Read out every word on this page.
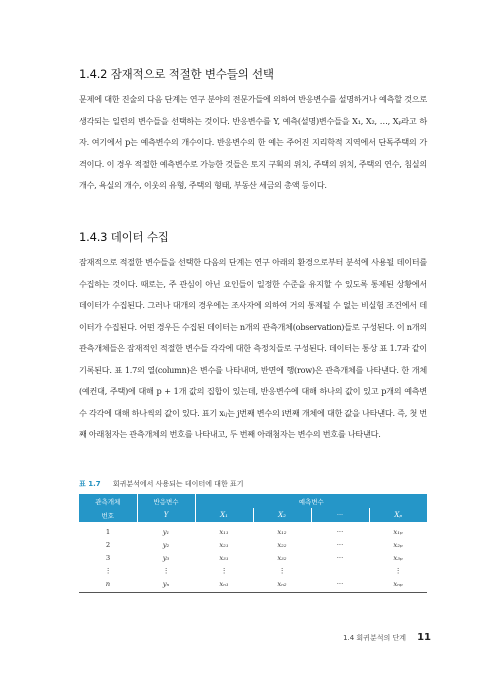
1.4.2 잠재적으로 적절한 변수들의 선택

문제에 대한 진술의 다음 단계는 연구 분야의 전문가들에 의하여 반응변수를 설명하거나 예측할 것으로 생각되는 일련의 변수들을 선택하는 것이다. 반응변수를 Y, 예측(설명)변수들을 X₁, X₂, …, Xₚ라고 하자. 여기에서 p는 예측변수의 개수이다. 반응변수의 한 예는 주어진 지리학적 지역에서 단독주택의 가격이다. 이 경우 적절한 예측변수로 가능한 것들은 토지 구획의 위치, 주택의 위치, 주택의 연수, 침실의 개수, 욕실의 개수, 이웃의 유형, 주택의 형태, 부동산 세금의 총액 등이다.

1.4.3 데이터 수집

잠재적으로 적절한 변수들을 선택한 다음의 단계는 연구 아래의 환경으로부터 분석에 사용될 데이터를 수집하는 것이다. 때로는, 주 관심이 아닌 요인들이 일정한 수준을 유지할 수 있도록 통제된 상황에서 데이터가 수집된다. 그러나 대개의 경우에는 조사자에 의하여 거의 통제될 수 없는 비실험 조건에서 데이터가 수집된다. 어떤 경우든 수집된 데이터는 n개의 관측개체(observation)들로 구성된다. 이 n개의 관측개체들은 잠재적인 적절한 변수들 각각에 대한 측정치들로 구성된다. 데이터는 통상 표 1.7과 같이 기록된다. 표 1.7의 열(column)은 변수를 나타내며, 반면에 행(row)은 관측개체를 나타낸다. 한 개체(예컨대, 주택)에 대해 p + 1개 값의 집합이 있는데, 반응변수에 대해 하나의 값이 있고 p개의 예측변수 각각에 대해 하나씩의 값이 있다. 표기 xᵢⱼ는 j번째 변수의 i번째 개체에 대한 값을 나타낸다. 즉, 첫 번째 아래첨자는 관측개체의 번호를 나타내고, 두 번째 아래첨자는 변수의 번호를 나타낸다.

표 1.7 회귀분석에서 사용되는 데이터에 대한 표기
관측개체	반응변수	예측변수			
번호	Y	X₁	X₂	···	Xₚ
1	y₁	x₁₁	x₁₂	···	x₁ₚ
2	y₂	x₂₁	x₂₂	···	x₂ₚ
3	y₃	x₃₁	x₃₂	···	x₃ₚ
⋮	⋮	⋮	⋮		⋮
n	yₙ	xₙ₁	xₙ₂	···	xₙₚ
1.4 회귀분석의 단계 11
